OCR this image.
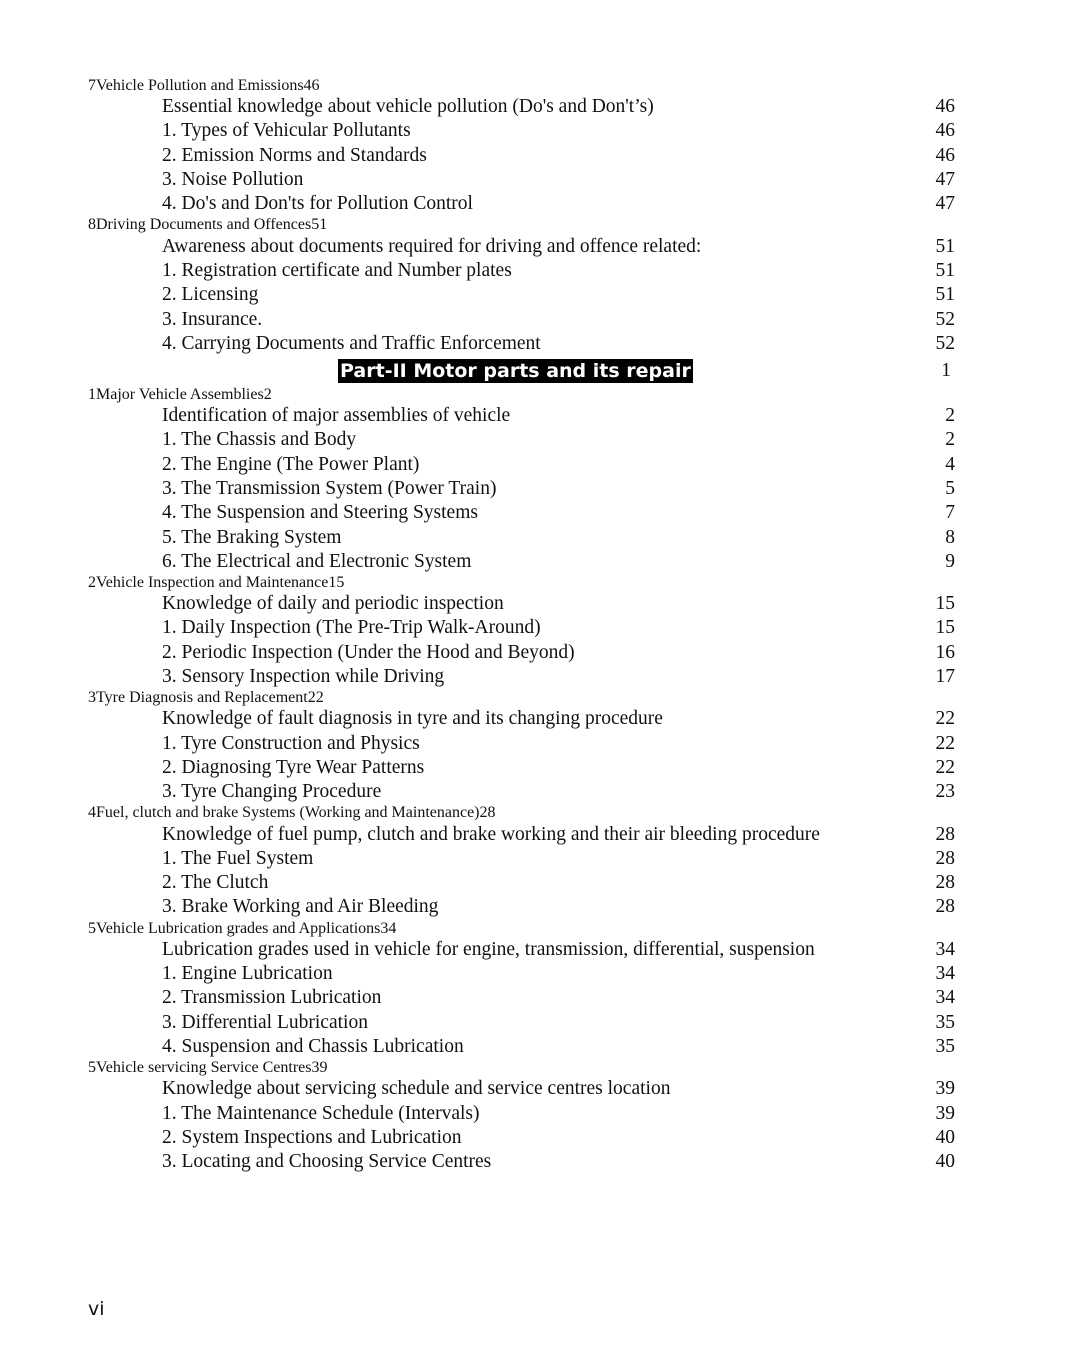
7 Vehicle Pollution and Emissions 46
Essential knowledge about vehicle pollution (Do's and Don't’s)	46
1. Types of Vehicular Pollutants	46
2. Emission Norms and Standards	46
3. Noise Pollution	47
4. Do's and Don'ts for Pollution Control	47
8 Driving Documents and Offences 51
Awareness about documents required for driving and offence related:	51
1. Registration certificate and Number plates	51
2. Licensing	51
3. Insurance.	52
4. Carrying Documents and Traffic Enforcement	52
Part-II Motor parts and its repair	1
1 Major Vehicle Assemblies 2
Identification of major assemblies of vehicle	2
1. The Chassis and Body	2
2. The Engine (The Power Plant)	4
3. The Transmission System (Power Train)	5
4. The Suspension and Steering Systems	7
5. The Braking System	8
6. The Electrical and Electronic System	9
2 Vehicle Inspection and Maintenance 15
Knowledge of daily and periodic inspection	15
1. Daily Inspection (The Pre-Trip Walk-Around)	15
2. Periodic Inspection (Under the Hood and Beyond)	16
3. Sensory Inspection while Driving	17
3 Tyre Diagnosis and Replacement 22
Knowledge of fault diagnosis in tyre and its changing procedure	22
1. Tyre Construction and Physics	22
2. Diagnosing Tyre Wear Patterns	22
3. Tyre Changing Procedure	23
4 Fuel, clutch and brake Systems (Working and Maintenance) 28
Knowledge of fuel pump, clutch and brake working and their air bleeding procedure	28
1. The Fuel System	28
2. The Clutch	28
3. Brake Working and Air Bleeding	28
5 Vehicle Lubrication grades and Applications 34
Lubrication grades used in vehicle for engine, transmission, differential, suspension	34
1. Engine Lubrication	34
2. Transmission Lubrication	34
3. Differential Lubrication	35
4. Suspension and Chassis Lubrication	35
5 Vehicle servicing Service Centres 39
Knowledge about servicing schedule and service centres location	39
1. The Maintenance Schedule (Intervals)	39
2. System Inspections and Lubrication	40
3. Locating and Choosing Service Centres	40
vi
